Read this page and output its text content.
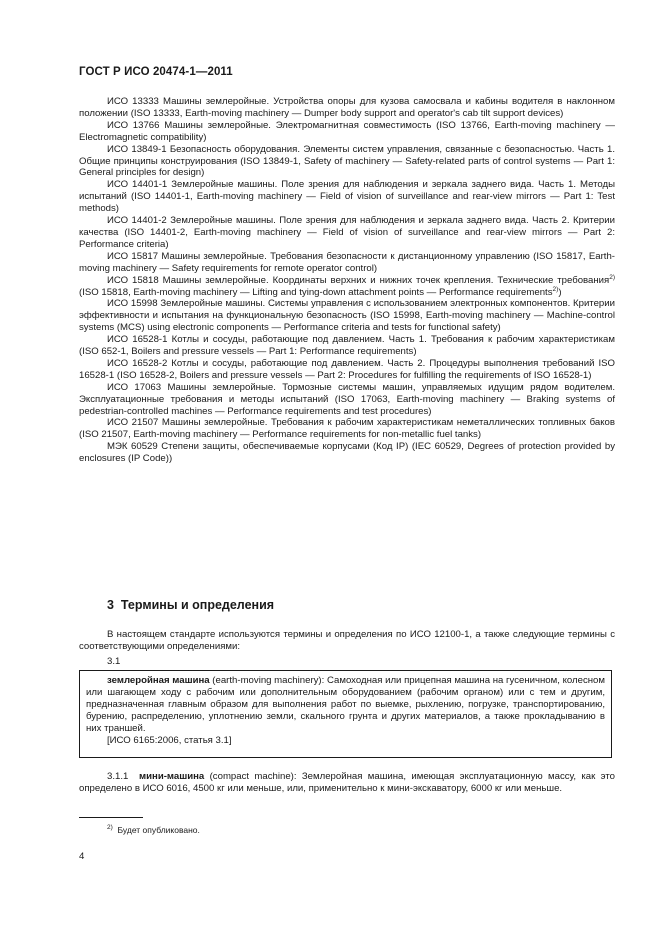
ГОСТ Р ИСО 20474-1—2011

ИСО 13333 Машины землеройные. Устройства опоры для кузова самосвала и кабины водителя в наклонном положении (ISO 13333, Earth-moving machinery — Dumper body support and operator's cab tilt support devices)

ИСО 13766 Машины землеройные. Электромагнитная совместимость (ISO 13766, Earth-moving machinery — Electromagnetic compatibility)

ИСО 13849-1 Безопасность оборудования. Элементы систем управления, связанные с безопасностью. Часть 1. Общие принципы конструирования (ISO 13849-1, Safety of machinery — Safety-related parts of control systems — Part 1: General principles for design)

ИСО 14401-1 Землеройные машины. Поле зрения для наблюдения и зеркала заднего вида. Часть 1. Методы испытаний (ISO 14401-1, Earth-moving machinery — Field of vision of surveillance and rear-view mirrors — Part 1: Test methods)

ИСО 14401-2 Землеройные машины. Поле зрения для наблюдения и зеркала заднего вида. Часть 2. Критерии качества (ISO 14401-2, Earth-moving machinery — Field of vision of surveillance and rear-view mirrors — Part 2: Performance criteria)

ИСО 15817 Машины землеройные. Требования безопасности к дистанционному управлению (ISO 15817, Earth-moving machinery — Safety requirements for remote operator control)

ИСО 15818 Машины землеройные. Координаты верхних и нижних точек крепления. Технические требования$^{2)}$ (ISO 15818, Earth-moving machinery — Lifting and tying-down attachment points — Performance requirements$^{2)}$)

ИСО 15998 Землеройные машины. Системы управления с использованием электронных компонентов. Критерии эффективности и испытания на функциональную безопасность (ISO 15998, Earth-moving machinery — Machine-control systems (MCS) using electronic components — Performance criteria and tests for functional safety)

ИСО 16528-1 Котлы и сосуды, работающие под давлением. Часть 1. Требования к рабочим характеристикам (ISO 652-1, Boilers and pressure vessels — Part 1: Performance requirements)

ИСО 16528-2 Котлы и сосуды, работающие под давлением. Часть 2. Процедуры выполнения требований ISO 16528-1 (ISO 16528-2, Boilers and pressure vessels — Part 2: Procedures for fulfilling the requirements of ISO 16528-1)

ИСО 17063 Машины землеройные. Тормозные системы машин, управляемых идущим рядом водителем. Эксплуатационные требования и методы испытаний (ISO 17063, Earth-moving machinery — Braking systems of pedestrian-controlled machines — Performance requirements and test procedures)

ИСО 21507 Машины землеройные. Требования к рабочим характеристикам неметаллических топливных баков (ISO 21507, Earth-moving machinery — Performance requirements for non-metallic fuel tanks)

МЭК 60529 Степени защиты, обеспечиваемые корпусами (Код IP) (IEC 60529, Degrees of protection provided by enclosures (IP Code))

3 Термины и определения

В настоящем стандарте используются термины и определения по ИСО 12100-1, а также следующие термины с соответствующими определениями:

3.1

землеройная машина (earth-moving machinery): Самоходная или прицепная машина на гусеничном, колесном или шагающем ходу с рабочим или дополнительным оборудованием (рабочим органом) или с тем и другим, предназначенная главным образом для выполнения работ по выемке, рыхлению, погрузке, транспортированию, бурению, распределению, уплотнению земли, скального грунта и других материалов, а также прокладыванию в них траншей.

[ИСО 6165:2006, статья 3.1]

3.1.1 мини-машина (compact machine): Землеройная машина, имеющая эксплуатационную массу, как это определено в ИСО 6016, 4500 кг или меньше, или, применительно к мини-экскаватору, 6000 кг или меньше.

$^{2)}$ Будет опубликовано.
4
